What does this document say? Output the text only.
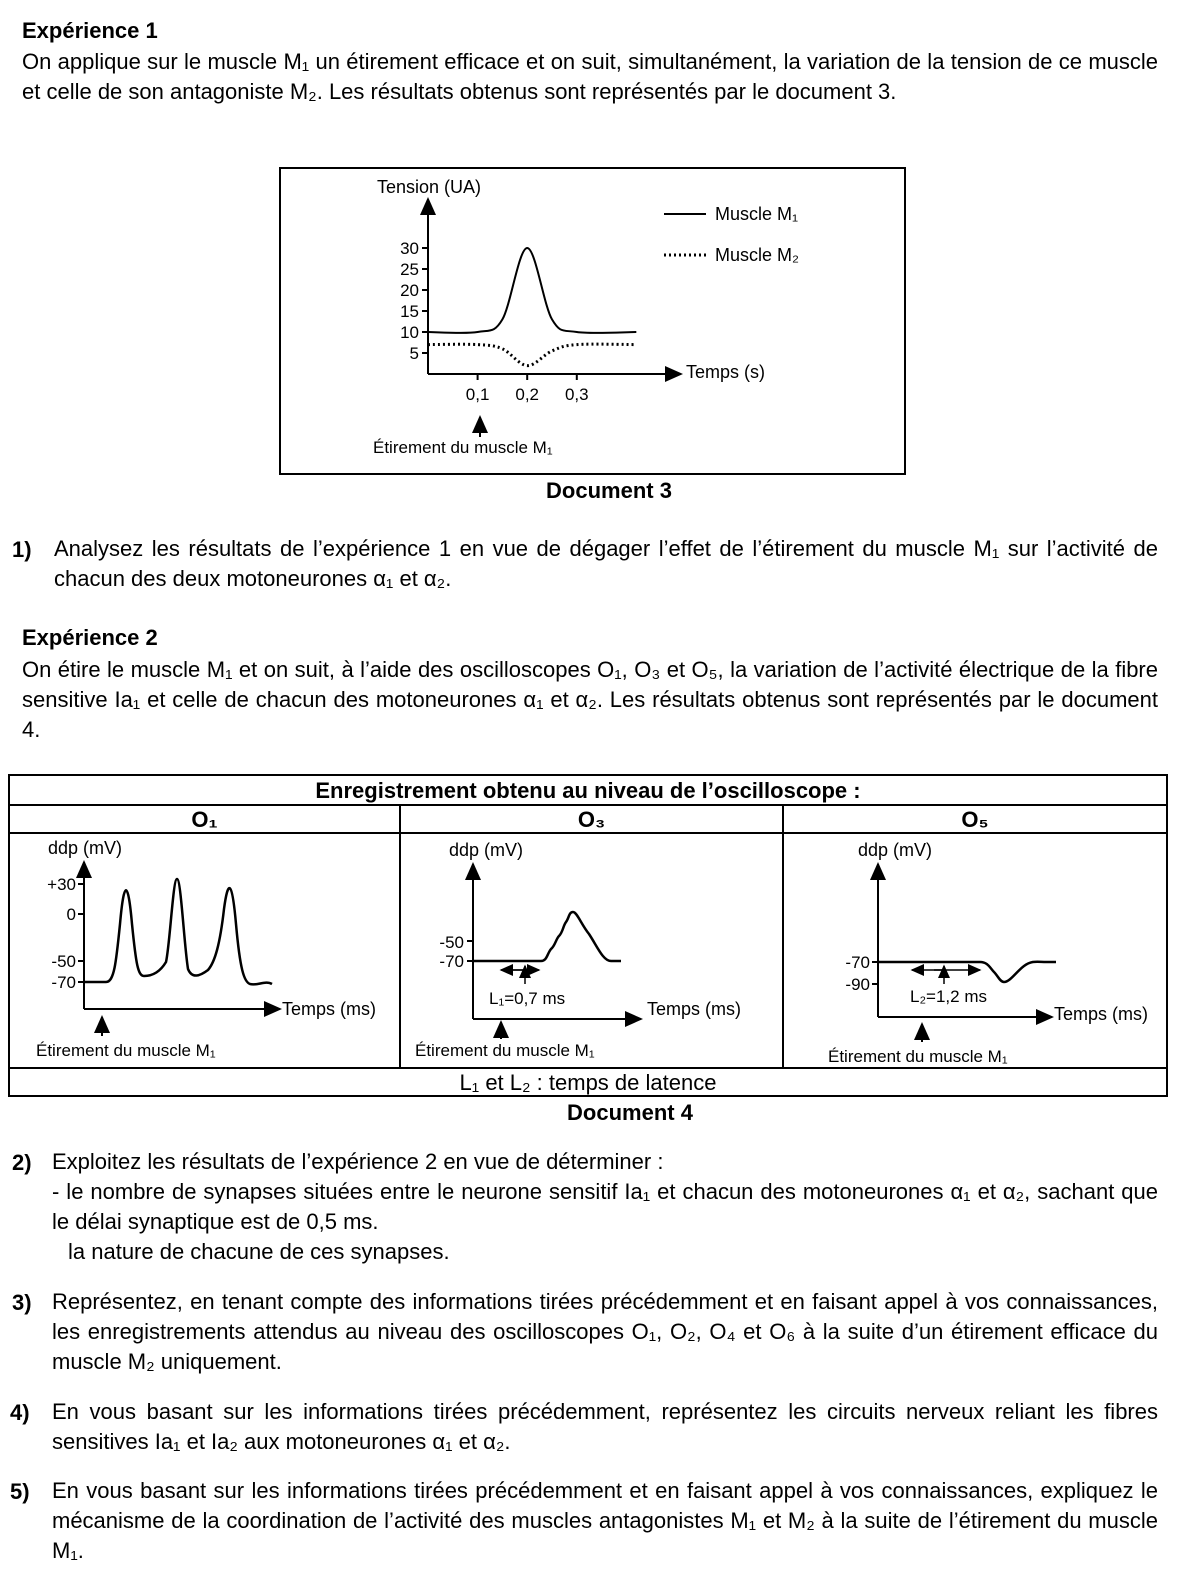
Expérience 1
On applique sur le muscle M₁ un étirement efficace et on suit, simultanément, la variation de la tension de ce muscle et celle de son antagoniste M₂. Les résultats obtenus sont représentés par le document 3.
Tension (UA)
Temps (s)
30
25
20
15
10
5
0,1 0,2 0,3
Muscle M₁
Muscle M₂
Étirement du muscle M₁
Document 3
1) Analysez les résultats de l’expérience 1 en vue de dégager l’effet de l’étirement du muscle M₁ sur l’activité de chacun des deux motoneurones α₁ et α₂.
Expérience 2
On étire le muscle M₁ et on suit, à l’aide des oscilloscopes O₁, O₃ et O₅, la variation de l’activité électrique de la fibre sensitive Ia₁ et celle de chacun des motoneurones α₁ et α₂. Les résultats obtenus sont représentés par le document 4.
Enregistrement obtenu au niveau de l’oscilloscope :
O₁	O₃	O₅
ddp (mV)
Temps (ms)
+30
0
-50
-70
Étirement du muscle M₁
ddp (mV)
Temps (ms)
-50
-70
L₁=0,7 ms
Étirement du muscle M₁
ddp (mV)
Temps (ms)
-70
-90
L₂=1,2 ms
Étirement du muscle M₁
L₁ et L₂ : temps de latence
Document 4
2) Exploitez les résultats de l’expérience 2 en vue de déterminer :
- le nombre de synapses situées entre le neurone sensitif Ia₁ et chacun des motoneurones α₁ et α₂, sachant que le délai synaptique est de 0,5 ms.
la nature de chacune de ces synapses.
3) Représentez, en tenant compte des informations tirées précédemment et en faisant appel à vos connaissances, les enregistrements attendus au niveau des oscilloscopes O₁, O₂, O₄ et O₆ à la suite d’un étirement efficace du muscle M₂ uniquement.
4) En vous basant sur les informations tirées précédemment, représentez les circuits nerveux reliant les fibres sensitives Ia₁ et Ia₂ aux motoneurones α₁ et α₂.
5) En vous basant sur les informations tirées précédemment et en faisant appel à vos connaissances, expliquez le mécanisme de la coordination de l’activité des muscles antagonistes M₁ et M₂ à la suite de l’étirement du muscle M₁.
